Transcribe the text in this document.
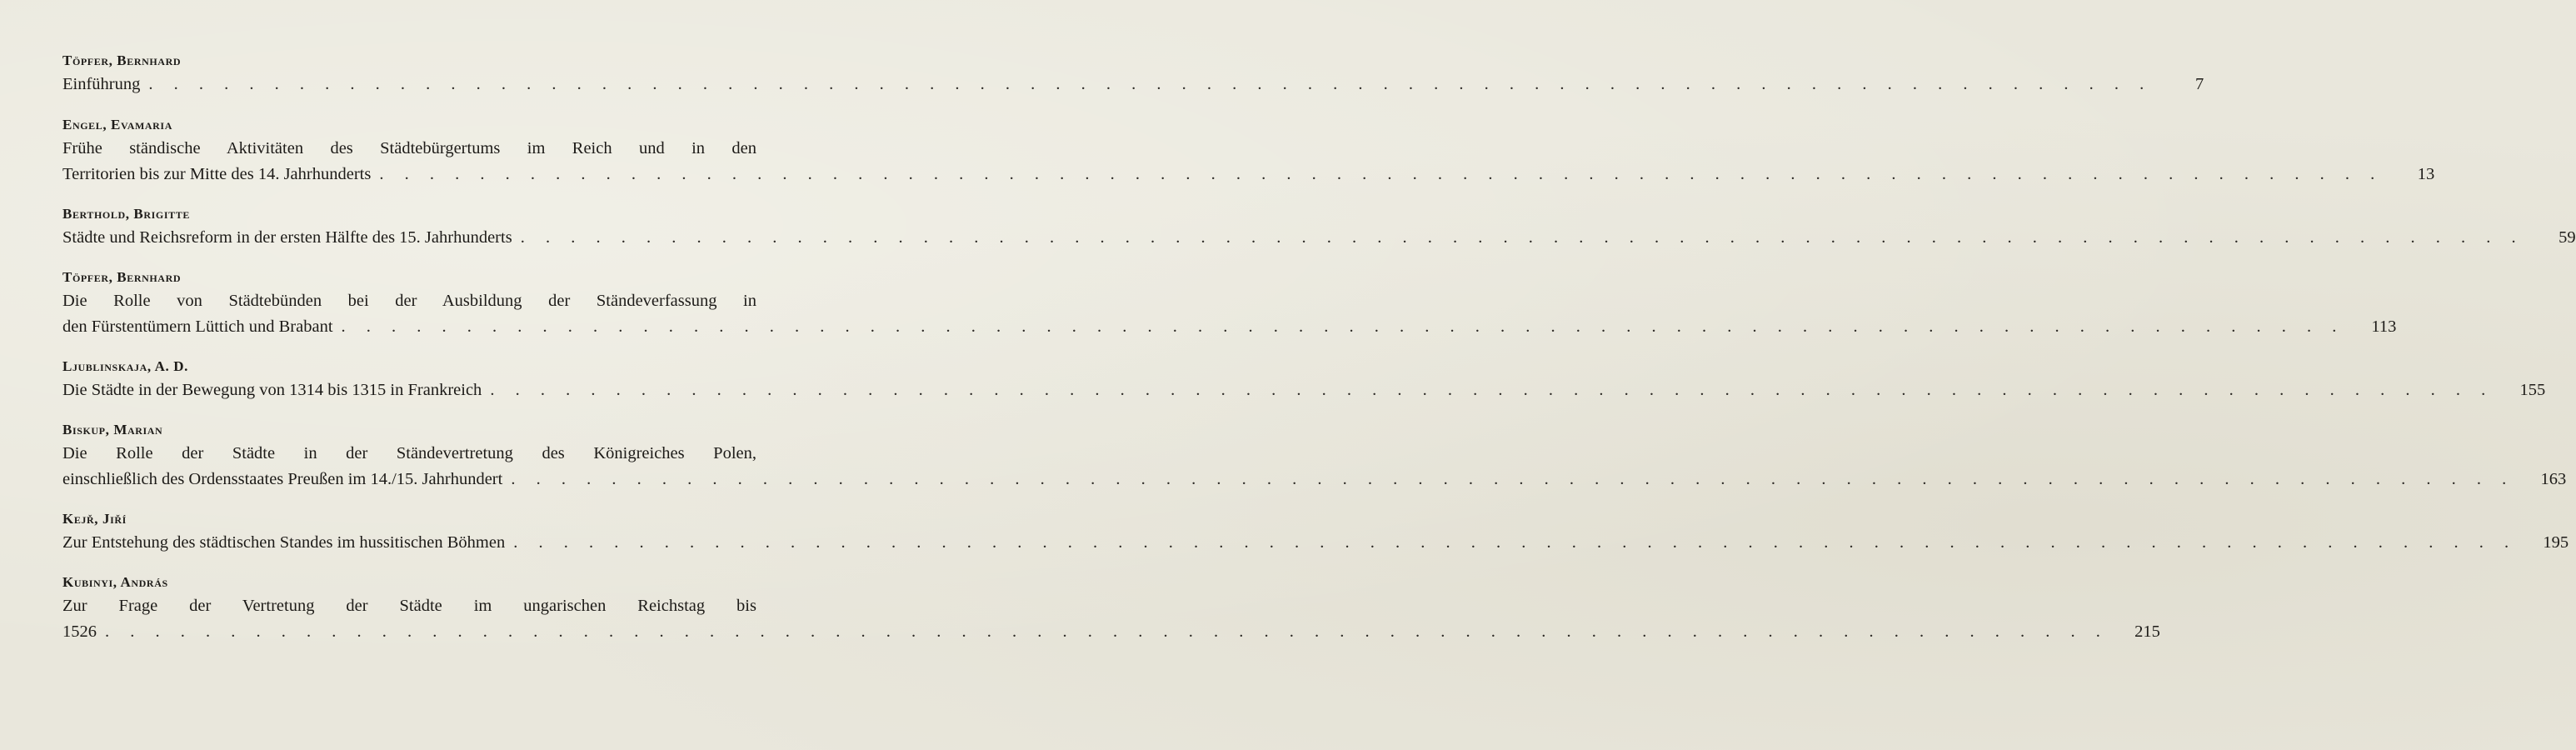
Töpfer, Bernhard
Einführung . . . . . . . . . . . . . . . . . . . . . . . . . . . . . . . . . . . . . . . . . . . . . . . . . . . . . . . . . . . . . . . . . . . . . . . . . . . . . . . .	7
Engel, Evamaria
Frühe ständische Aktivitäten des Städtebürgertums im Reich und in den
Territorien bis zur Mitte des 14. Jahrhunderts . . . . . . . . . . . . . . . . . . . . . . . . . . . . . . . . . . . . . . . . . . . . . . . . . . . . . . . . . . . . . . . . . . . . . . . . . . . . . . . .	13
Berthold, Brigitte
Städte und Reichsreform in der ersten Hälfte des 15. Jahrhunderts . . . . . . . . . . . . . . . . . . . . . . . . . . . . . . . . . . . . . . . . . . . . . . . . . . . . . . . . . . . . . . . . . . . . . . . . . . . . . . . .	59
Töpfer, Bernhard
Die Rolle von Städtebünden bei der Ausbildung der Ständeverfassung in
den Fürstentümern Lüttich und Brabant . . . . . . . . . . . . . . . . . . . . . . . . . . . . . . . . . . . . . . . . . . . . . . . . . . . . . . . . . . . . . . . . . . . . . . . . . . . . . . . .	113
Ljublinskaja, A. D.
Die Städte in der Bewegung von 1314 bis 1315 in Frankreich . . . . . . . . . . . . . . . . . . . . . . . . . . . . . . . . . . . . . . . . . . . . . . . . . . . . . . . . . . . . . . . . . . . . . . . . . . . . . . . .	155
Biskup, Marian
Die Rolle der Städte in der Ständevertretung des Königreiches Polen,
einschließlich des Ordensstaates Preußen im 14./15. Jahrhundert . . . . . . . . . . . . . . . . . . . . . . . . . . . . . . . . . . . . . . . . . . . . . . . . . . . . . . . . . . . . . . . . . . . . . . . . . . . . . . . .	163
Kejř, Jiří
Zur Entstehung des städtischen Standes im hussitischen Böhmen . . . . . . . . . . . . . . . . . . . . . . . . . . . . . . . . . . . . . . . . . . . . . . . . . . . . . . . . . . . . . . . . . . . . . . . . . . . . . . . .	195
Kubinyi, András
Zur Frage der Vertretung der Städte im ungarischen Reichstag bis
1526 . . . . . . . . . . . . . . . . . . . . . . . . . . . . . . . . . . . . . . . . . . . . . . . . . . . . . . . . . . . . . . . . . . . . . . . . . . . . . . . .	215
